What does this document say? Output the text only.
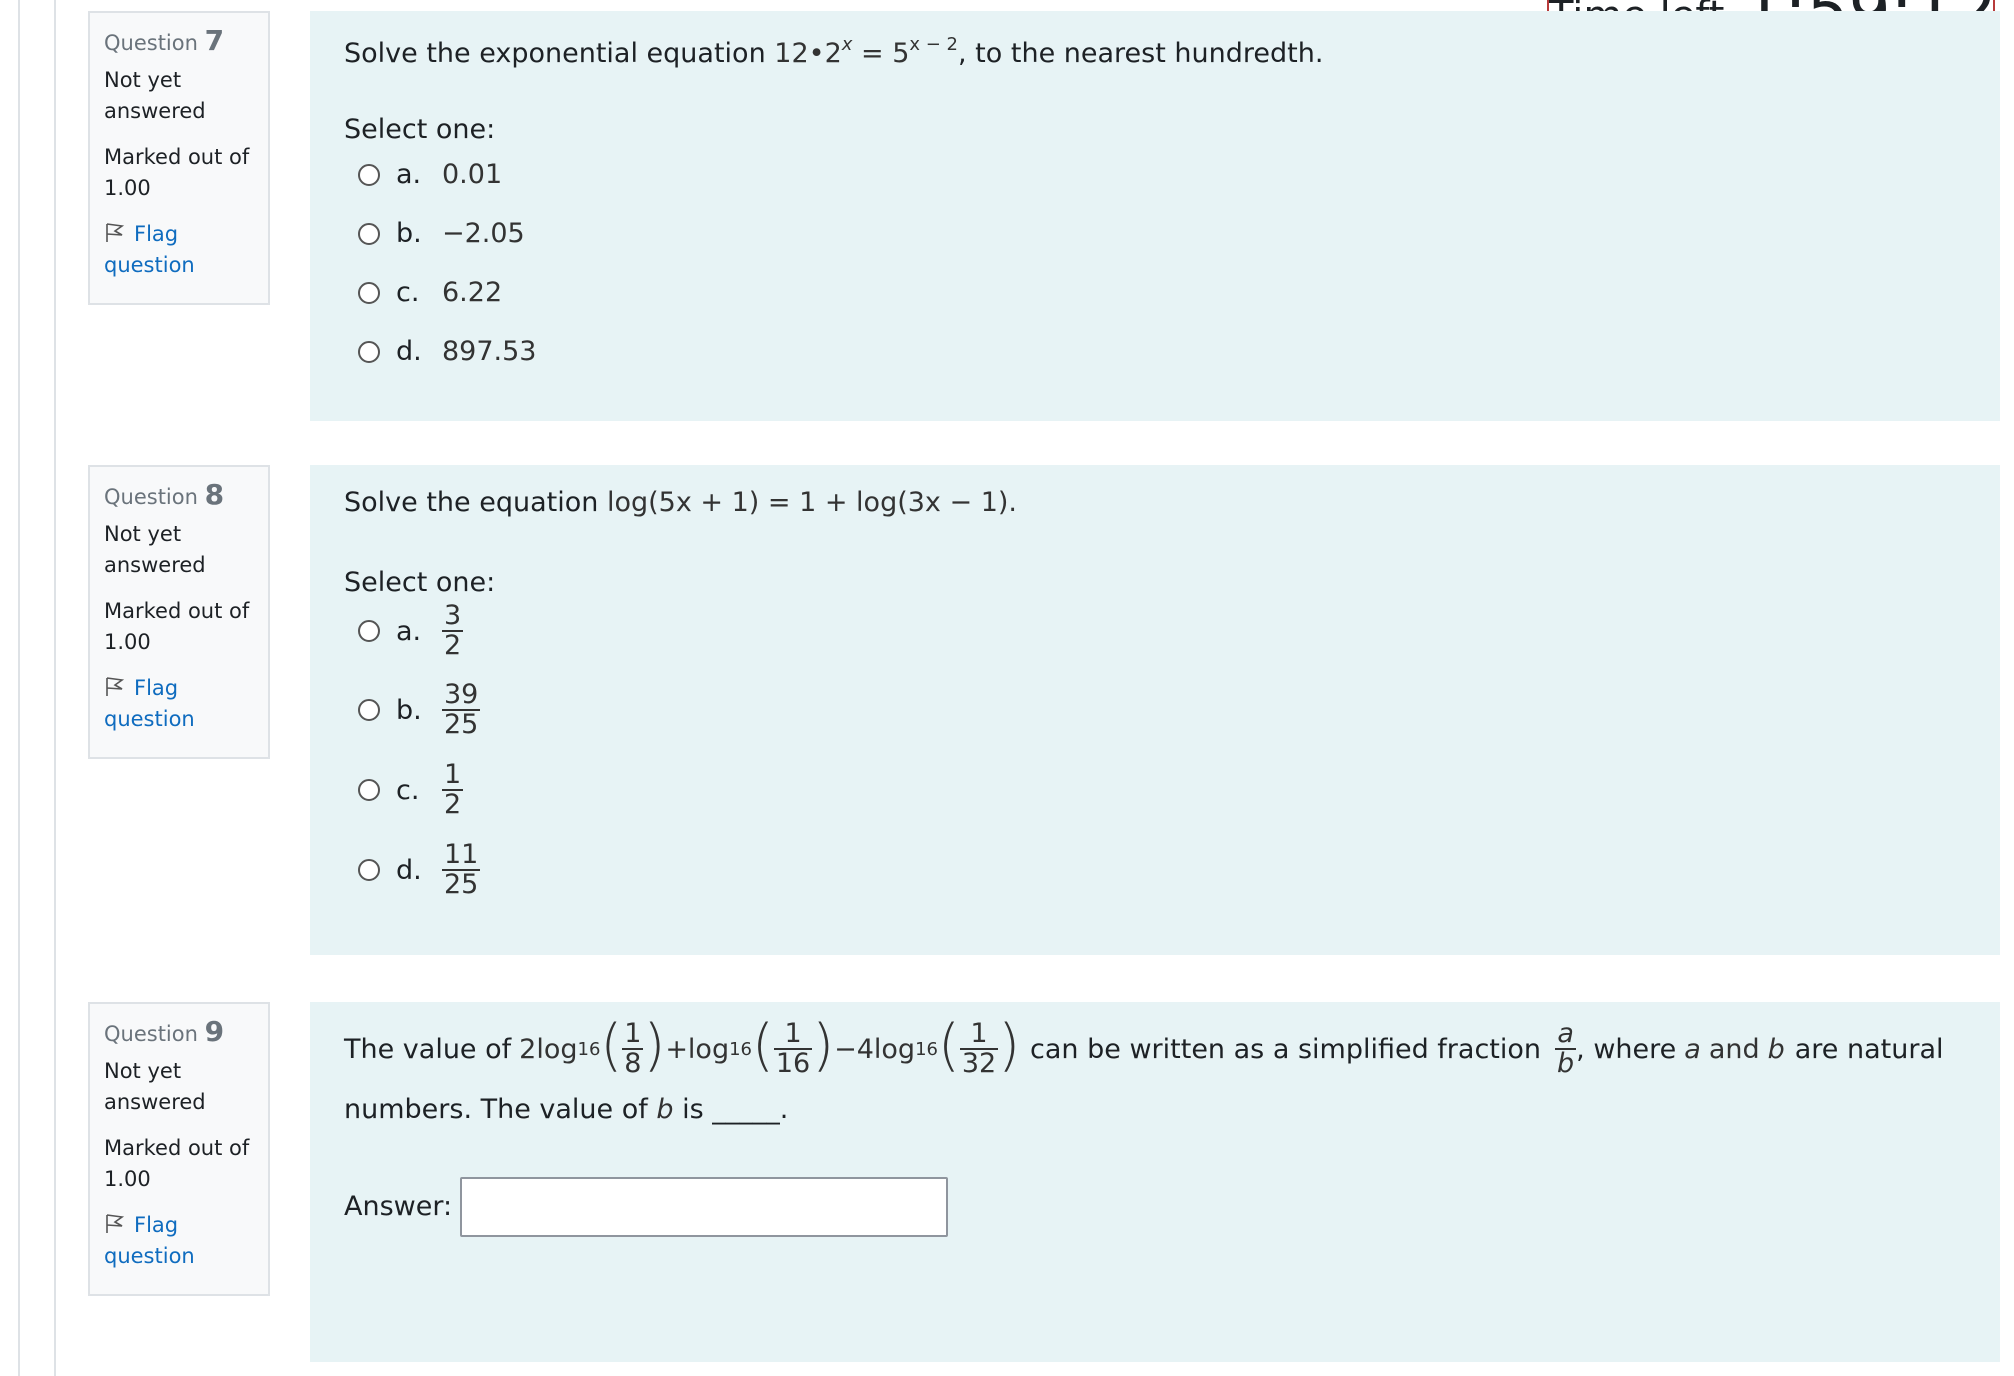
Question 7
Not yet answered
Marked out of 1.00
Flag question
Solve the exponential equation $12•2^x = 5^{x - 2}$, to the nearest hundredth.
Select one:
a. 0.01
b. −2.05
c. 6.22
d. 897.53
Question 8
Not yet answered
Marked out of 1.00
Flag question
Solve the equation log(5x + 1) = 1 + log(3x − 1).
Select one:
a. $\frac{3}{2}$
b. $\frac{39}{25}$
c. $\frac{1}{2}$
d. $\frac{11}{25}$
Question 9
Not yet answered
Marked out of 1.00
Flag question
The value of 2log 16 ( $\frac{1}{8}$ ) +log 16 ( $\frac{1}{16}$ ) −4log 16 ( $\frac{1}{32}$ ) can be written as a simplified fraction $\frac{a}{b}$ , where a and b are natural
numbers. The value of b is _____.
Answer:
